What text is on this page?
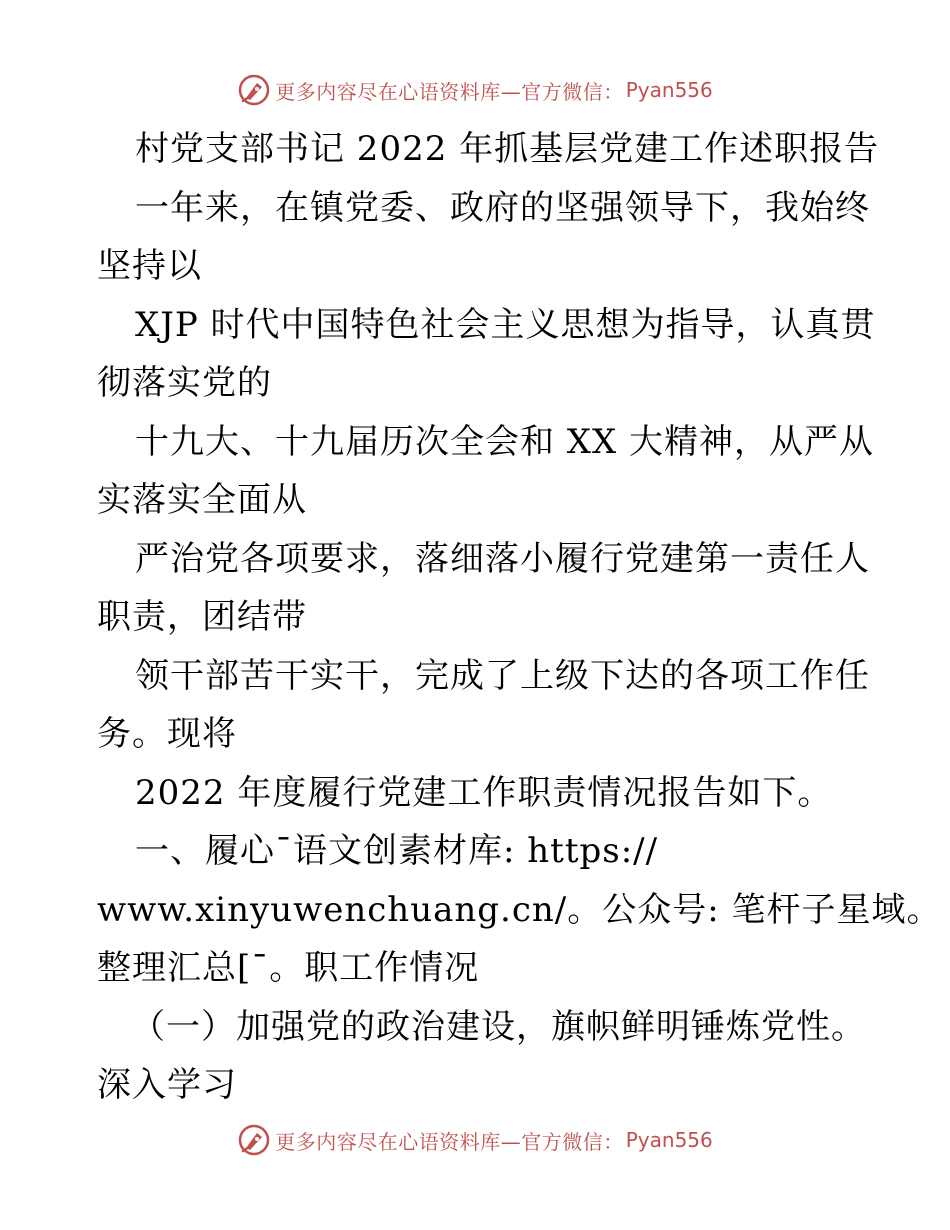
更多内容尽在心语资料库—官方微信： Pyan556
村党支部书记 2022 年抓基层党建工作述职报告
一年来，在镇党委、政府的坚强领导下，我始终
坚持以
XJP 时代中国特色社会主义思想为指导，认真贯
彻落实党的
十九大、十九届历次全会和 XX 大精神，从严从
实落实全面从
严治党各项要求，落细落小履行党建第一责任人
职责，团结带
领干部苦干实干，完成了上级下达的各项工作任
务。现将
2022 年度履行党建工作职责情况报告如下。
一、履心¯语文创素材库: https://
www.xinyuwenchuang.cn/。公众号: 笔杆子星域。
整理汇总[¯。职工作情况
（一）加强党的政治建设，旗帜鲜明锤炼党性。
深入学习
更多内容尽在心语资料库—官方微信： Pyan556
